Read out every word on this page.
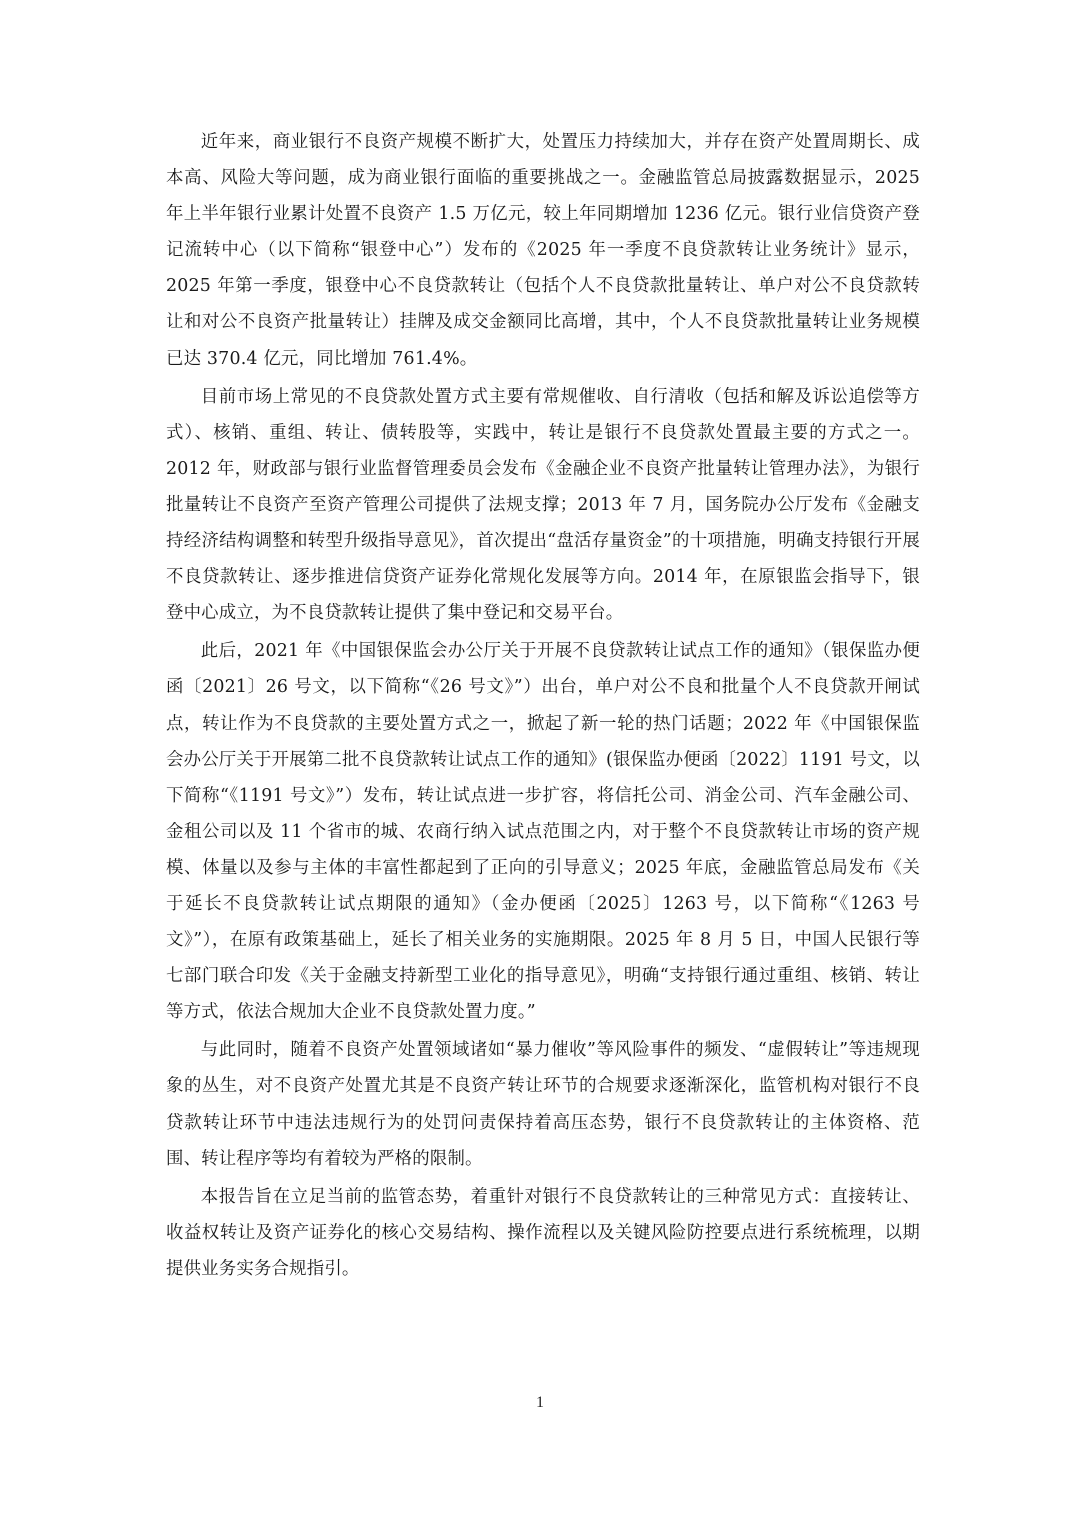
近年来，商业银行不良资产规模不断扩大，处置压力持续加大，并存在资产处置周期长、成本高、风险大等问题，成为商业银行面临的重要挑战之一。金融监管总局披露数据显示，2025 年上半年银行业累计处置不良资产 1.5 万亿元，较上年同期增加 1236 亿元。银行业信贷资产登记流转中心（以下简称“银登中心”）发布的《2025 年一季度不良贷款转让业务统计》显示，2025 年第一季度，银登中心不良贷款转让（包括个人不良贷款批量转让、单户对公不良贷款转让和对公不良资产批量转让）挂牌及成交金额同比高增，其中，个人不良贷款批量转让业务规模已达 370.4 亿元，同比增加 761.4%。

目前市场上常见的不良贷款处置方式主要有常规催收、自行清收（包括和解及诉讼追偿等方式）、核销、重组、转让、债转股等，实践中，转让是银行不良贷款处置最主要的方式之一。2012 年，财政部与银行业监督管理委员会发布《金融企业不良资产批量转让管理办法》，为银行批量转让不良资产至资产管理公司提供了法规支撑；2013 年 7 月，国务院办公厅发布《金融支持经济结构调整和转型升级指导意见》，首次提出“盘活存量资金”的十项措施，明确支持银行开展不良贷款转让、逐步推进信贷资产证券化常规化发展等方向。2014 年，在原银监会指导下，银登中心成立，为不良贷款转让提供了集中登记和交易平台。

此后，2021 年《中国银保监会办公厅关于开展不良贷款转让试点工作的通知》（银保监办便函〔2021〕26 号文，以下简称“《26 号文》”）出台，单户对公不良和批量个人不良贷款开闸试点，转让作为不良贷款的主要处置方式之一，掀起了新一轮的热门话题；2022 年《中国银保监会办公厅关于开展第二批不良贷款转让试点工作的通知》(银保监办便函〔2022〕1191 号文，以下简称“《1191 号文》”）发布，转让试点进一步扩容，将信托公司、消金公司、汽车金融公司、金租公司以及 11 个省市的城、农商行纳入试点范围之内，对于整个不良贷款转让市场的资产规模、体量以及参与主体的丰富性都起到了正向的引导意义；2025 年底，金融监管总局发布《关于延长不良贷款转让试点期限的通知》（金办便函〔2025〕1263 号，以下简称“《1263 号文》”），在原有政策基础上，延长了相关业务的实施期限。2025 年 8 月 5 日，中国人民银行等七部门联合印发《关于金融支持新型工业化的指导意见》，明确“支持银行通过重组、核销、转让等方式，依法合规加大企业不良贷款处置力度。”

与此同时，随着不良资产处置领域诸如“暴力催收”等风险事件的频发、“虚假转让”等违规现象的丛生，对不良资产处置尤其是不良资产转让环节的合规要求逐渐深化，监管机构对银行不良贷款转让环节中违法违规行为的处罚问责保持着高压态势，银行不良贷款转让的主体资格、范围、转让程序等均有着较为严格的限制。

本报告旨在立足当前的监管态势，着重针对银行不良贷款转让的三种常见方式：直接转让、收益权转让及资产证券化的核心交易结构、操作流程以及关键风险防控要点进行系统梳理，以期提供业务实务合规指引。

1
